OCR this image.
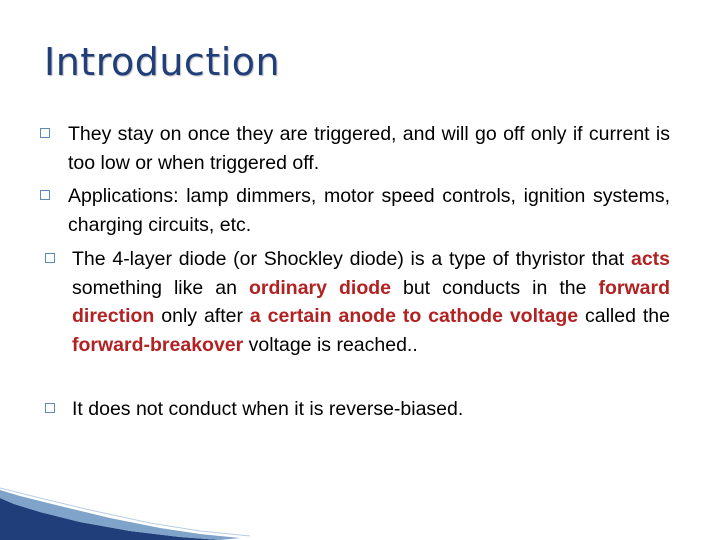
Introduction
They stay on once they are triggered, and will go off only if current is too low or when triggered off.
Applications: lamp dimmers, motor speed controls, ignition systems, charging circuits, etc.
The 4-layer diode (or Shockley diode) is a type of thyristor that acts something like an ordinary diode but conducts in the forward direction only after a certain anode to cathode voltage called the forward-breakover voltage is reached..
It does not conduct when it is reverse-biased.
